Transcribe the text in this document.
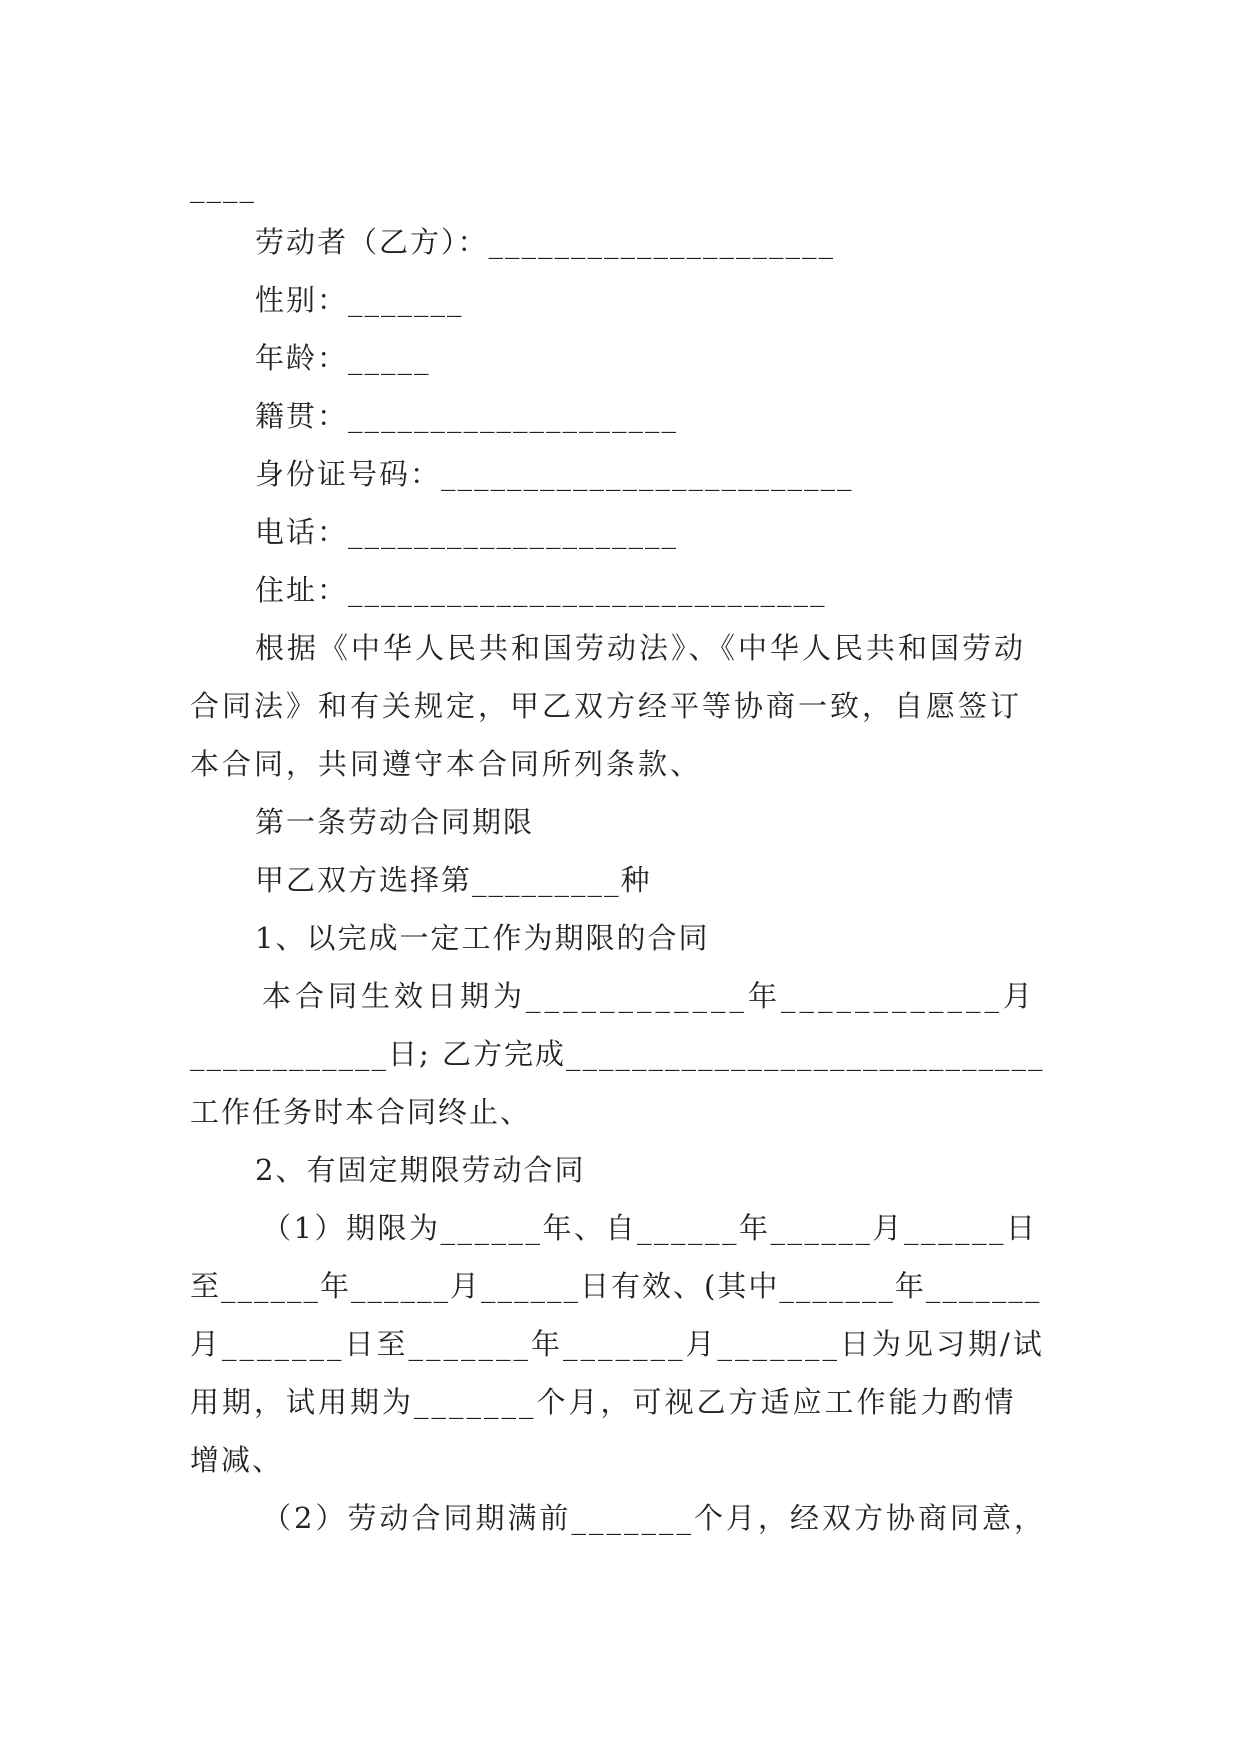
____
劳动者（乙方）：_____________________
性别：_______
年龄：_____
籍贯：____________________
身份证号码：_________________________
电话：____________________
住址：_____________________________
根据《中华人民共和国劳动法》、《中华人民共和国劳动
合同法》和有关规定，甲乙双方经平等协商一致，自愿签订
本合同，共同遵守本合同所列条款、
第一条劳动合同期限
甲乙双方选择第_________种
1、以完成一定工作为期限的合同
本合同生效日期为____________年____________月
____________日; 乙方完成_____________________________
工作任务时本合同终止、
2、有固定期限劳动合同
（1）期限为______年、自______年______月______日
至______年______月______日有效、(其中_______年_______
月_______日至_______年_______月_______日为见习期/试
用期，试用期为_______个月，可视乙方适应工作能力酌情
增减、
（2）劳动合同期满前_______个月，经双方协商同意，
